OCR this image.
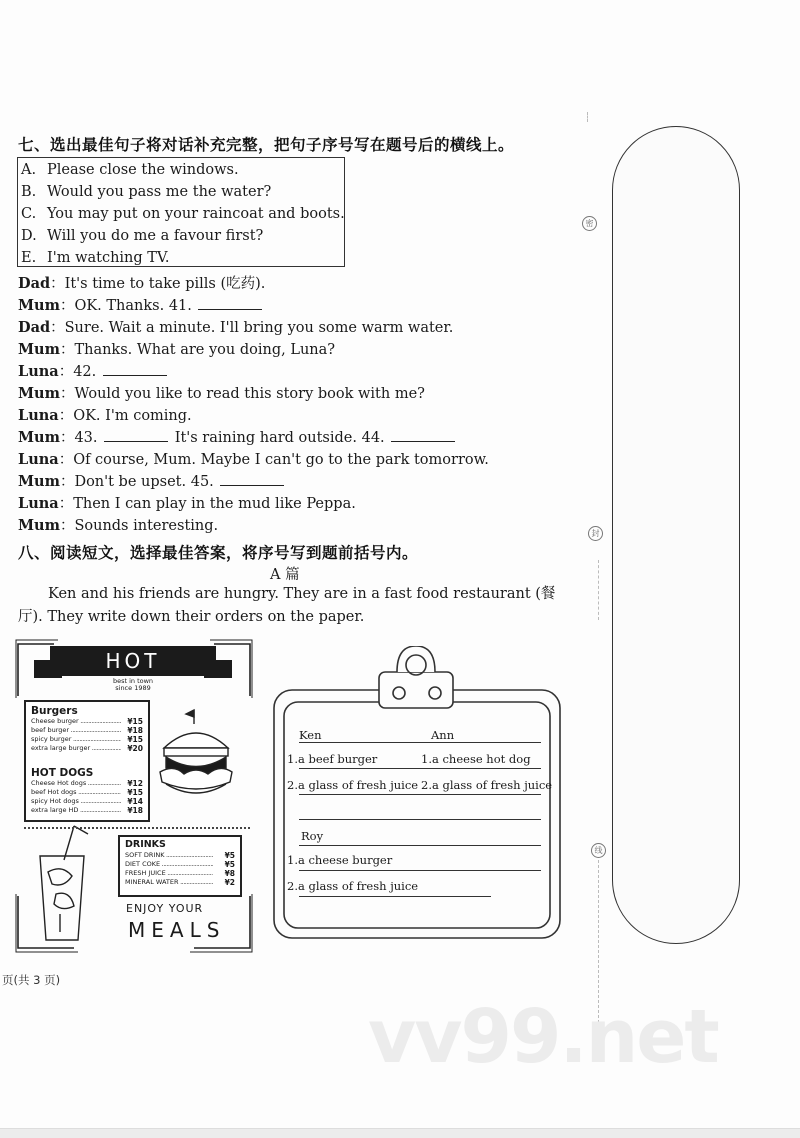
七、选出最佳句子将对话补充完整，把句子序号写在题号后的横线上。
A. Please close the windows.
B. Would you pass me the water?
C. You may put on your raincoat and boots.
D. Will you do me a favour first?
E. I'm watching TV.
Dad：It's time to take pills (吃药).
Mum：OK. Thanks. 41.
Dad：Sure. Wait a minute. I'll bring you some warm water.
Mum：Thanks. What are you doing, Luna?
Luna：42.
Mum：Would you like to read this story book with me?
Luna：OK. I'm coming.
Mum：43.	It's raining hard outside. 44.
Luna：Of course, Mum. Maybe I can't go to the park tomorrow.
Mum：Don't be upset. 45.
Luna：Then I can play in the mud like Peppa.
Mum：Sounds interesting.
八、阅读短文，选择最佳答案，将序号写到题前括号内。
A 篇
Ken and his friends are hungry. They are in a fast food restaurant (餐厅). They write down their orders on the paper.
HOT
best in town since 1989
Burgers
Cheese burger .....	¥15
beef burger .....	¥18
spicy burger .....	¥15
extra large burger .....	¥20
HOT DOGS
Cheese Hot dogs .....	¥12
beef Hot dogs .....	¥15
spicy Hot dogs .....	¥14
extra large HD .....	¥18
DRINKS
SOFT DRINK .....	¥5
DIET COKE .....	¥5
FRESH JUICE .....	¥8
MINERAL WATER .....	¥2
ENJOY YOUR
MEALS
Ken	Ann
1.a beef burger	1.a cheese hot dog
2.a glass of fresh juice 2.a glass of fresh juice
Roy
1.a cheese burger
2.a glass of fresh juice
密
封
线
页(共 3 页)
vv99.net
